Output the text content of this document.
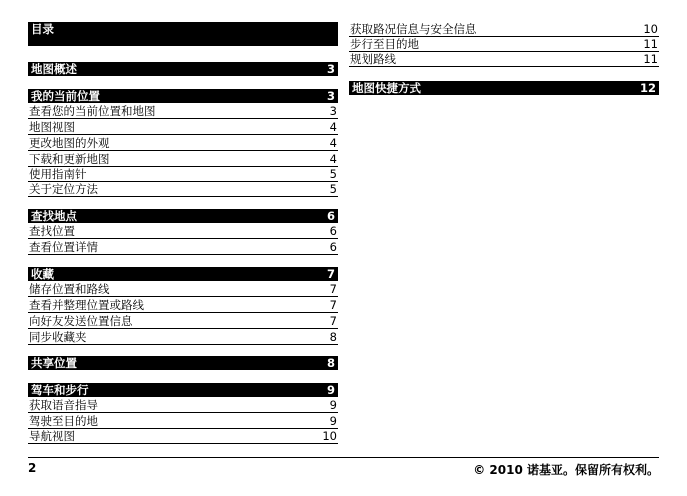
目录
地图概述	3
我的当前位置	3
查看您的当前位置和地图	3
地图视图	4
更改地图的外观	4
下载和更新地图	4
使用指南针	5
关于定位方法	5
查找地点	6
查找位置	6
查看位置详情	6
收藏	7
储存位置和路线	7
查看并整理位置或路线	7
向好友发送位置信息	7
同步收藏夹	8
共享位置	8
驾车和步行	9
获取语音指导	9
驾驶至目的地	9
导航视图	10
获取路况信息与安全信息	10
步行至目的地	11
规划路线	11
地图快捷方式	12
2	© 2010 诺基亚。保留所有权利。
